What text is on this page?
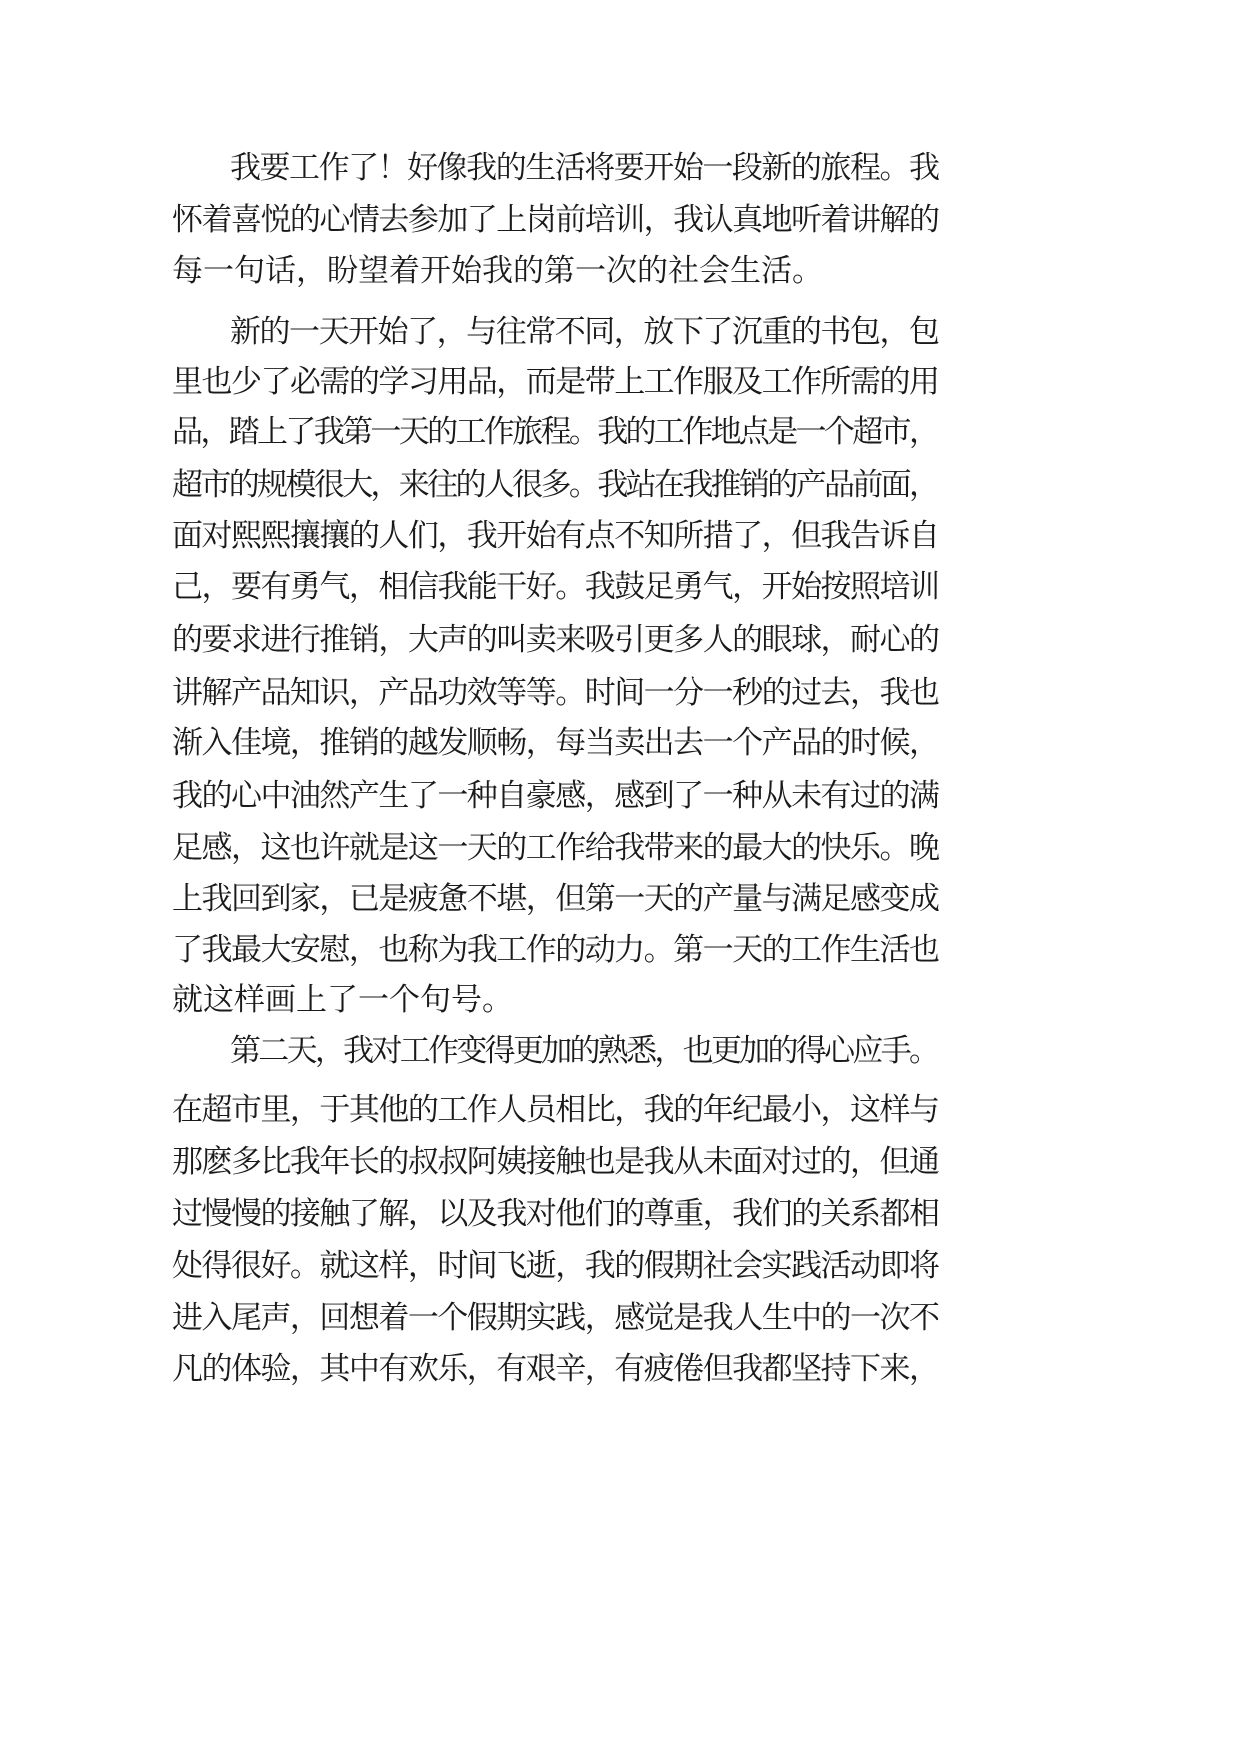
我要工作了！好像我的生活将要开始一段新的旅程。我
怀着喜悦的心情去参加了上岗前培训，我认真地听着讲解的
每一句话，盼望着开始我的第一次的社会生活。
新的一天开始了，与往常不同，放下了沉重的书包，包
里也少了必需的学习用品，而是带上工作服及工作所需的用
品，踏上了我第一天的工作旅程。我的工作地点是一个超市，
超市的规模很大，来往的人很多。我站在我推销的产品前面，
面对熙熙攘攘的人们，我开始有点不知所措了，但我告诉自
己，要有勇气，相信我能干好。我鼓足勇气，开始按照培训
的要求进行推销，大声的叫卖来吸引更多人的眼球，耐心的
讲解产品知识，产品功效等等。时间一分一秒的过去，我也
渐入佳境，推销的越发顺畅，每当卖出去一个产品的时候，
我的心中油然产生了一种自豪感，感到了一种从未有过的满
足感，这也许就是这一天的工作给我带来的最大的快乐。晚
上我回到家，已是疲惫不堪，但第一天的产量与满足感变成
了我最大安慰，也称为我工作的动力。第一天的工作生活也
就这样画上了一个句号。
第二天，我对工作变得更加的熟悉，也更加的得心应手。
在超市里，于其他的工作人员相比，我的年纪最小，这样与
那麽多比我年长的叔叔阿姨接触也是我从未面对过的，但通
过慢慢的接触了解，以及我对他们的尊重，我们的关系都相
处得很好。就这样，时间飞逝，我的假期社会实践活动即将
进入尾声，回想着一个假期实践，感觉是我人生中的一次不
凡的体验，其中有欢乐，有艰辛，有疲倦但我都坚持下来，
